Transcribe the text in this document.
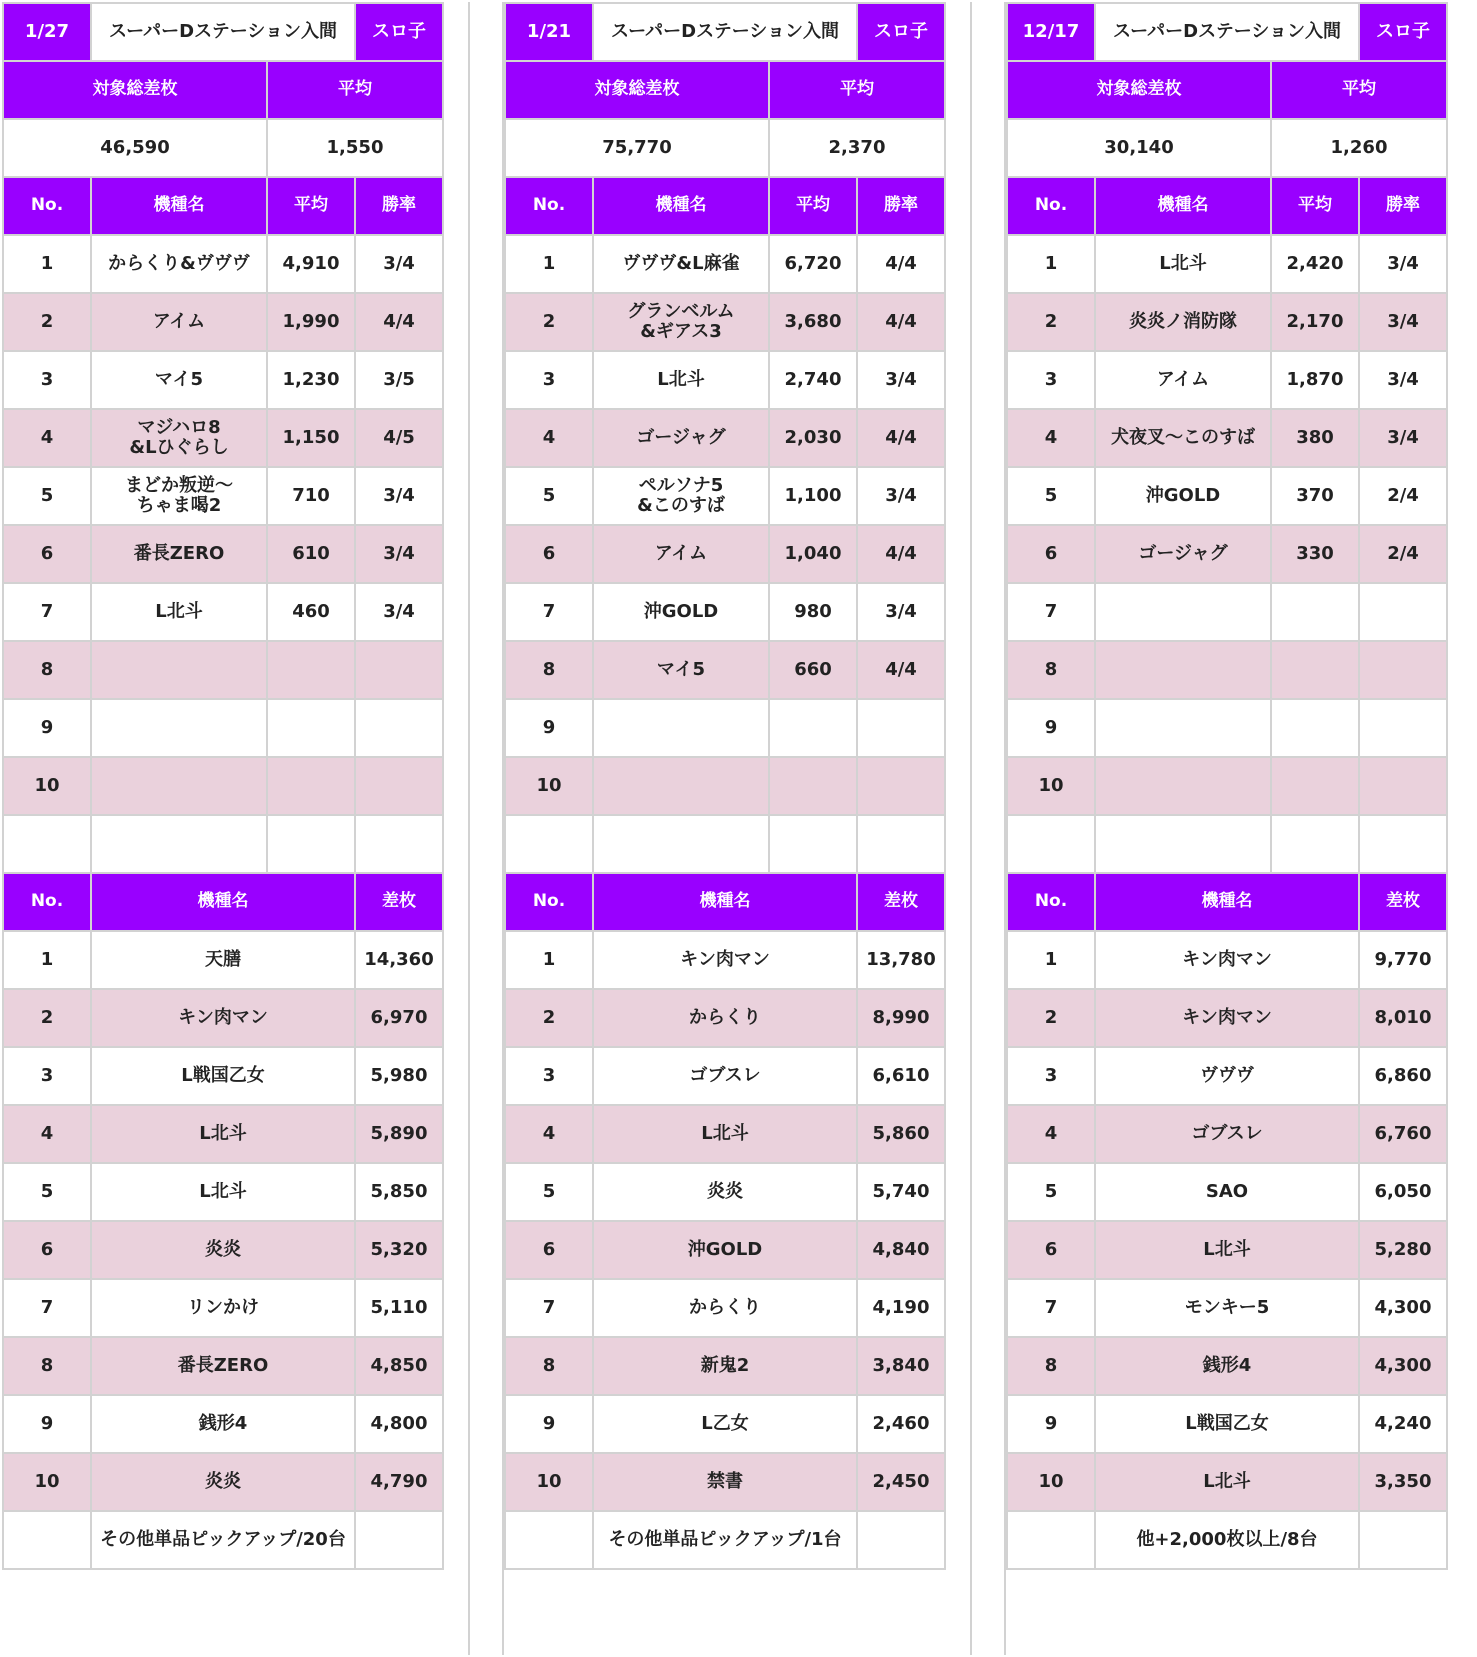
1/27	スーパーDステーション入間		スロ子
対象総差枚		平均	
46,590		1,550	
No.	機種名	平均	勝率
1	からくり&ヴヴヴ	4,910	3/4
2	アイム	1,990	4/4
3	マイ5	1,230	3/5
4	マジハロ8
&Lひぐらし	1,150	4/5
5	まどか叛逆～
ちゃま喝2	710	3/4
6	番長ZERO	610	3/4
7	L北斗	460	3/4
8			
9			
10			

No.	機種名	差枚
1	天膳	14,360
2	キン肉マン	6,970
3	L戦国乙女	5,980
4	L北斗	5,890
5	L北斗	5,850
6	炎炎	5,320
7	リンかけ	5,110
8	番長ZERO	4,850
9	銭形4	4,800
10	炎炎	4,790
	その他単品ピックアップ/20台	
1/21	スーパーDステーション入間		スロ子
対象総差枚		平均	
75,770		2,370	
No.	機種名	平均	勝率
1	ヴヴヴ&L麻雀	6,720	4/4
2	グランベルム
&ギアス3	3,680	4/4
3	L北斗	2,740	3/4
4	ゴージャグ	2,030	4/4
5	ペルソナ5
&このすば	1,100	3/4
6	アイム	1,040	4/4
7	沖GOLD	980	3/4
8	マイ5	660	4/4
9			
10			

No.	機種名	差枚
1	キン肉マン	13,780
2	からくり	8,990
3	ゴブスレ	6,610
4	L北斗	5,860
5	炎炎	5,740
6	沖GOLD	4,840
7	からくり	4,190
8	新鬼2	3,840
9	L乙女	2,460
10	禁書	2,450
	その他単品ピックアップ/1台	
12/17	スーパーDステーション入間		スロ子
対象総差枚		平均	
30,140		1,260	
No.	機種名	平均	勝率
1	L北斗	2,420	3/4
2	炎炎ノ消防隊	2,170	3/4
3	アイム	1,870	3/4
4	犬夜叉～このすば	380	3/4
5	沖GOLD	370	2/4
6	ゴージャグ	330	2/4
7			
8			
9			
10			

No.	機種名	差枚
1	キン肉マン	9,770
2	キン肉マン	8,010
3	ヴヴヴ	6,860
4	ゴブスレ	6,760
5	SAO	6,050
6	L北斗	5,280
7	モンキー5	4,300
8	銭形4	4,300
9	L戦国乙女	4,240
10	L北斗	3,350
	他+2,000枚以上/8台	
